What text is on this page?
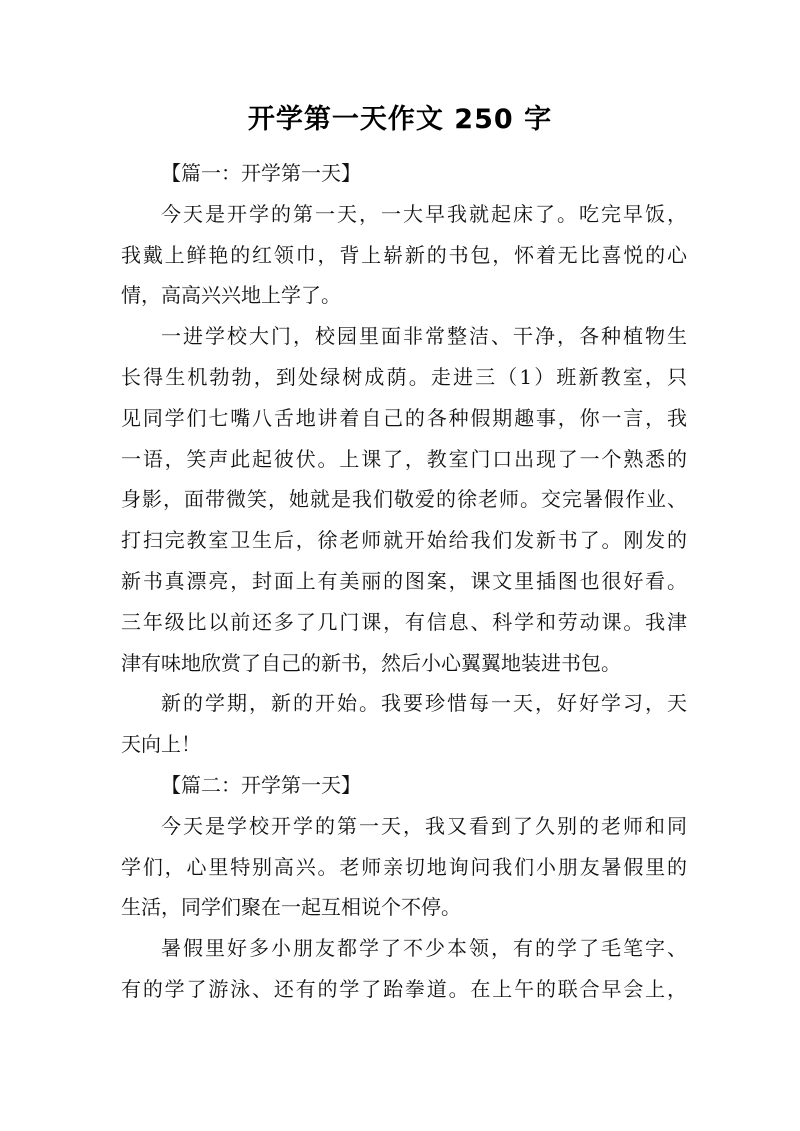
开学第一天作文 250 字
【篇一：开学第一天】
今天是开学的第一天，一大早我就起床了。吃完早饭，
我戴上鲜艳的红领巾，背上崭新的书包，怀着无比喜悦的心
情，高高兴兴地上学了。
一进学校大门，校园里面非常整洁、干净，各种植物生
长得生机勃勃，到处绿树成荫。走进三（1）班新教室，只
见同学们七嘴八舌地讲着自己的各种假期趣事，你一言，我
一语，笑声此起彼伏。上课了，教室门口出现了一个熟悉的
身影，面带微笑，她就是我们敬爱的徐老师。交完暑假作业、
打扫完教室卫生后，徐老师就开始给我们发新书了。刚发的
新书真漂亮，封面上有美丽的图案，课文里插图也很好看。
三年级比以前还多了几门课，有信息、科学和劳动课。我津
津有味地欣赏了自己的新书，然后小心翼翼地装进书包。
新的学期，新的开始。我要珍惜每一天，好好学习，天
天向上！
【篇二：开学第一天】
今天是学校开学的第一天，我又看到了久别的老师和同
学们，心里特别高兴。老师亲切地询问我们小朋友暑假里的
生活，同学们聚在一起互相说个不停。
暑假里好多小朋友都学了不少本领，有的学了毛笔字、
有的学了游泳、还有的学了跆拳道。在上午的联合早会上，
